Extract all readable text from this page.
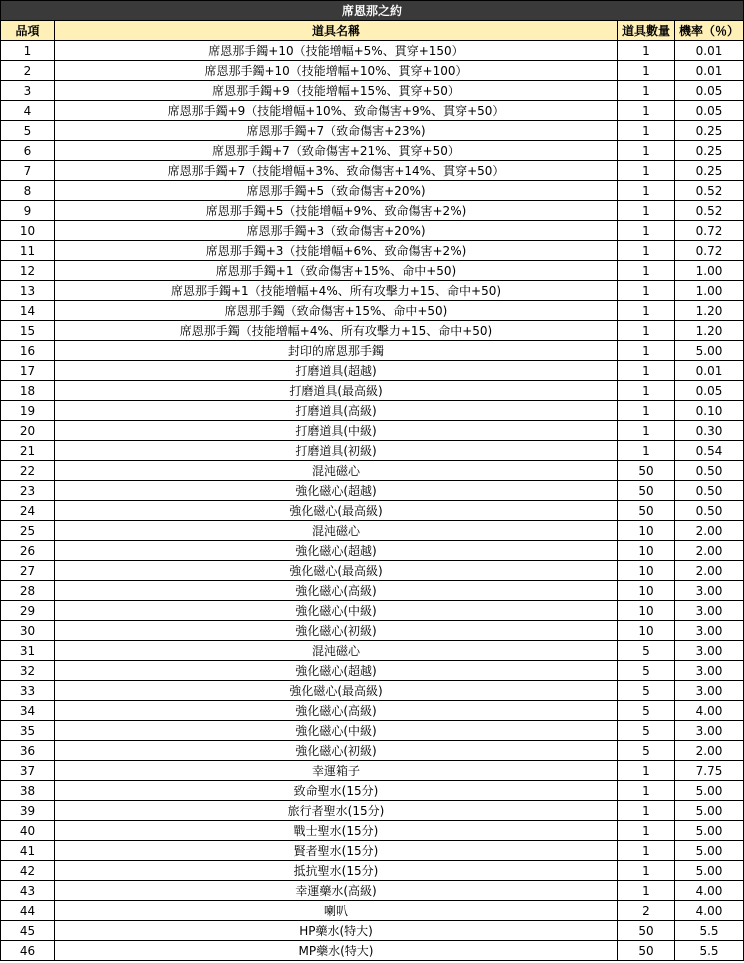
席恩那之約			
品項	道具名稱	道具數量	機率（％）
1	席恩那手鐲+10（技能增幅+5%、貫穿+150）	1	0.01
2	席恩那手鐲+10（技能增幅+10%、貫穿+100）	1	0.01
3	席恩那手鐲+9（技能增幅+15%、貫穿+50）	1	0.05
4	席恩那手鐲+9（技能增幅+10%、致命傷害+9%、貫穿+50）	1	0.05
5	席恩那手鐲+7（致命傷害+23%)	1	0.25
6	席恩那手鐲+7（致命傷害+21%、貫穿+50）	1	0.25
7	席恩那手鐲+7（技能增幅+3%、致命傷害+14%、貫穿+50）	1	0.25
8	席恩那手鐲+5（致命傷害+20%)	1	0.52
9	席恩那手鐲+5（技能增幅+9%、致命傷害+2%)	1	0.52
10	席恩那手鐲+3（致命傷害+20%)	1	0.72
11	席恩那手鐲+3（技能增幅+6%、致命傷害+2%)	1	0.72
12	席恩那手鐲+1（致命傷害+15%、命中+50)	1	1.00
13	席恩那手鐲+1（技能增幅+4%、所有攻擊力+15、命中+50)	1	1.00
14	席恩那手鐲（致命傷害+15%、命中+50)	1	1.20
15	席恩那手鐲（技能增幅+4%、所有攻擊力+15、命中+50)	1	1.20
16	封印的席恩那手鐲	1	5.00
17	打磨道具(超越)	1	0.01
18	打磨道具(最高級)	1	0.05
19	打磨道具(高級)	1	0.10
20	打磨道具(中級)	1	0.30
21	打磨道具(初級)	1	0.54
22	混沌磁心	50	0.50
23	強化磁心(超越)	50	0.50
24	強化磁心(最高級)	50	0.50
25	混沌磁心	10	2.00
26	強化磁心(超越)	10	2.00
27	強化磁心(最高級)	10	2.00
28	強化磁心(高級)	10	3.00
29	強化磁心(中級)	10	3.00
30	強化磁心(初級)	10	3.00
31	混沌磁心	5	3.00
32	強化磁心(超越)	5	3.00
33	強化磁心(最高級)	5	3.00
34	強化磁心(高級)	5	4.00
35	強化磁心(中級)	5	3.00
36	強化磁心(初級)	5	2.00
37	幸運箱子	1	7.75
38	致命聖水(15分)	1	5.00
39	旅行者聖水(15分)	1	5.00
40	戰士聖水(15分)	1	5.00
41	賢者聖水(15分)	1	5.00
42	抵抗聖水(15分)	1	5.00
43	幸運藥水(高級)	1	4.00
44	喇叭	2	4.00
45	HP藥水(特大)	50	5.5
46	MP藥水(特大)	50	5.5
